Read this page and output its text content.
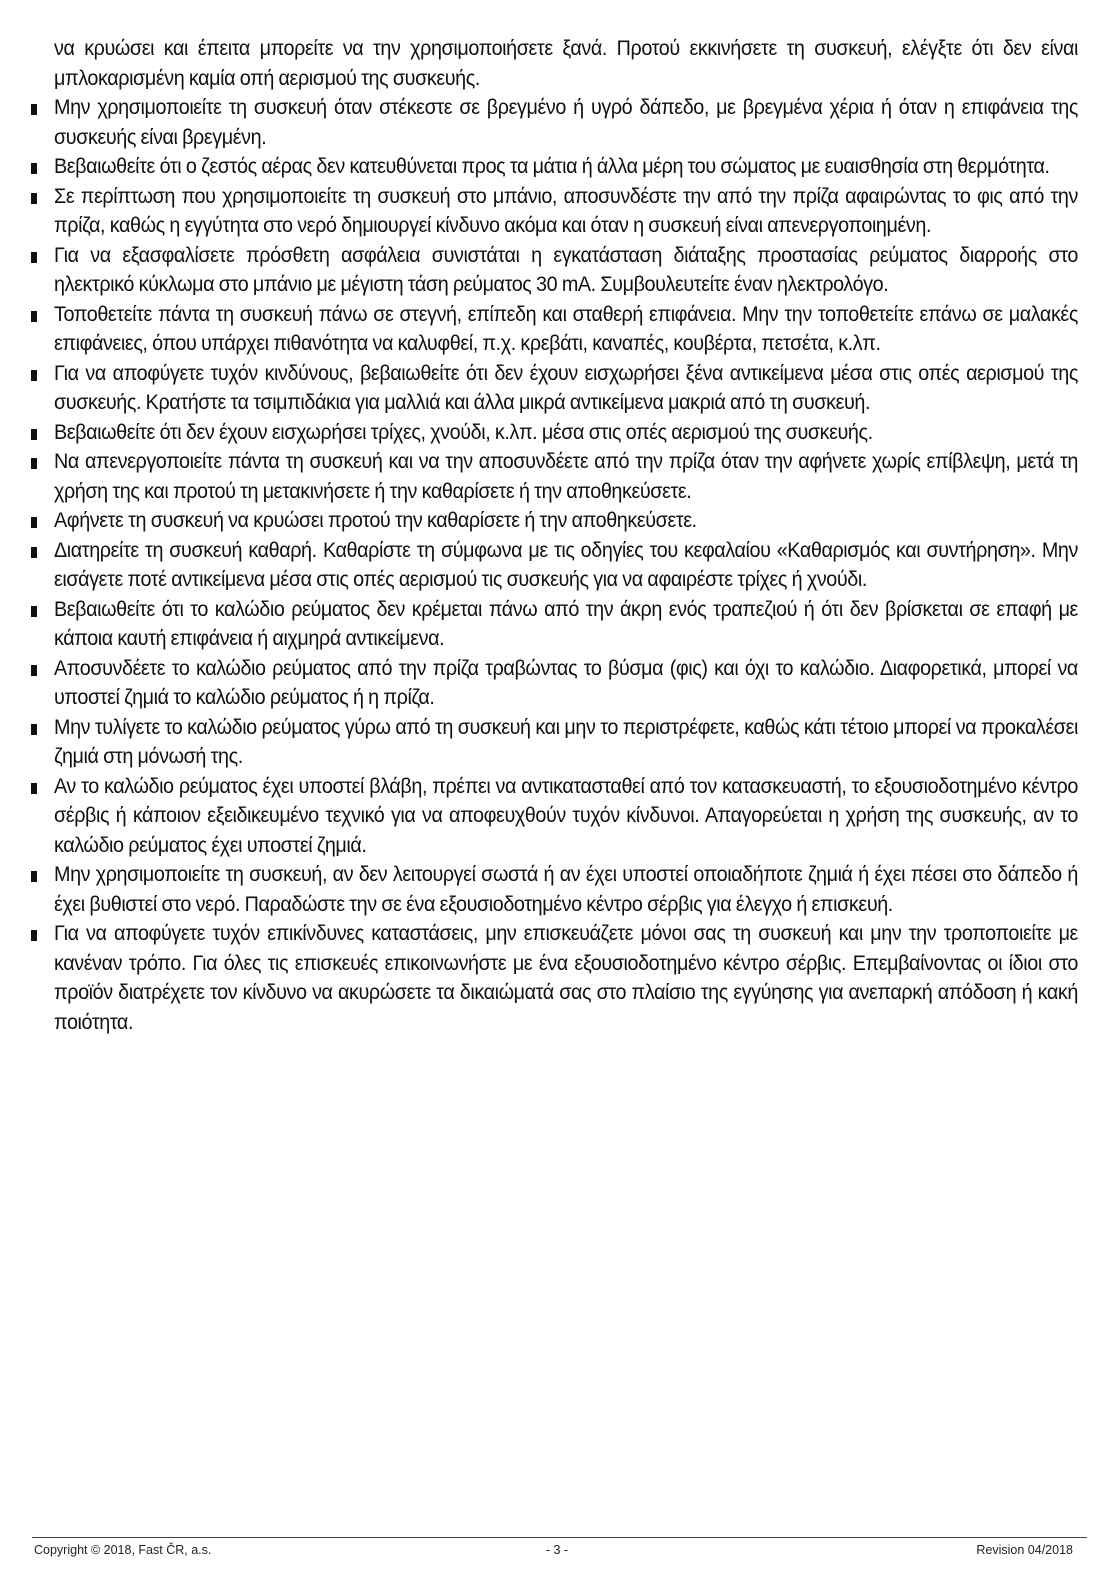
να κρυώσει και έπειτα μπορείτε να την χρησιμοποιήσετε ξανά. Προτού εκκινήσετε τη συσκευή, ελέγξτε ότι δεν είναι μπλοκαρισμένη καμία οπή αερισμού της συσκευής.

Μην χρησιμοποιείτε τη συσκευή όταν στέκεστε σε βρεγμένο ή υγρό δάπεδο, με βρεγμένα χέρια ή όταν η επιφάνεια της συσκευής είναι βρεγμένη.

Βεβαιωθείτε ότι ο ζεστός αέρας δεν κατευθύνεται προς τα μάτια ή άλλα μέρη του σώματος με ευαισθησία στη θερμότητα.

Σε περίπτωση που χρησιμοποιείτε τη συσκευή στο μπάνιο, αποσυνδέστε την από την πρίζα αφαιρώντας το φις από την πρίζα, καθώς η εγγύτητα στο νερό δημιουργεί κίνδυνο ακόμα και όταν η συσκευή είναι απενεργοποιημένη.

Για να εξασφαλίσετε πρόσθετη ασφάλεια συνιστάται η εγκατάσταση διάταξης προστασίας ρεύματος διαρροής στο ηλεκτρικό κύκλωμα στο μπάνιο με μέγιστη τάση ρεύματος 30 mA. Συμβουλευτείτε έναν ηλεκτρολόγο.

Τοποθετείτε πάντα τη συσκευή πάνω σε στεγνή, επίπεδη και σταθερή επιφάνεια. Μην την τοποθετείτε επάνω σε μαλακές επιφάνειες, όπου υπάρχει πιθανότητα να καλυφθεί, π.χ. κρεβάτι, καναπές, κουβέρτα, πετσέτα, κ.λπ.

Για να αποφύγετε τυχόν κινδύνους, βεβαιωθείτε ότι δεν έχουν εισχωρήσει ξένα αντικείμενα μέσα στις οπές αερισμού της συσκευής. Κρατήστε τα τσιμπιδάκια για μαλλιά και άλλα μικρά αντικείμενα μακριά από τη συσκευή.

Βεβαιωθείτε ότι δεν έχουν εισχωρήσει τρίχες, χνούδι, κ.λπ. μέσα στις οπές αερισμού της συσκευής.

Να απενεργοποιείτε πάντα τη συσκευή και να την αποσυνδέετε από την πρίζα όταν την αφήνετε χωρίς επίβλεψη, μετά τη χρήση της και προτού τη μετακινήσετε ή την καθαρίσετε ή την αποθηκεύσετε.

Αφήνετε τη συσκευή να κρυώσει προτού την καθαρίσετε ή την αποθηκεύσετε.

Διατηρείτε τη συσκευή καθαρή. Καθαρίστε τη σύμφωνα με τις οδηγίες του κεφαλαίου «Καθαρισμός και συντήρηση». Μην εισάγετε ποτέ αντικείμενα μέσα στις οπές αερισμού τις συσκευής για να αφαιρέστε τρίχες ή χνούδι.

Βεβαιωθείτε ότι το καλώδιο ρεύματος δεν κρέμεται πάνω από την άκρη ενός τραπεζιού ή ότι δεν βρίσκεται σε επαφή με κάποια καυτή επιφάνεια ή αιχμηρά αντικείμενα.

Αποσυνδέετε το καλώδιο ρεύματος από την πρίζα τραβώντας το βύσμα (φις) και όχι το καλώδιο. Διαφορετικά, μπορεί να υποστεί ζημιά το καλώδιο ρεύματος ή η πρίζα.

Μην τυλίγετε το καλώδιο ρεύματος γύρω από τη συσκευή και μην το περιστρέφετε, καθώς κάτι τέτοιο μπορεί να προκαλέσει ζημιά στη μόνωσή της.

Αν το καλώδιο ρεύματος έχει υποστεί βλάβη, πρέπει να αντικατασταθεί από τον κατασκευαστή, το εξουσιοδοτημένο κέντρο σέρβις ή κάποιον εξειδικευμένο τεχνικό για να αποφευχθούν τυχόν κίνδυνοι. Απαγορεύεται η χρήση της συσκευής, αν το καλώδιο ρεύματος έχει υποστεί ζημιά.

Μην χρησιμοποιείτε τη συσκευή, αν δεν λειτουργεί σωστά ή αν έχει υποστεί οποιαδήποτε ζημιά ή έχει πέσει στο δάπεδο ή έχει βυθιστεί στο νερό. Παραδώστε την σε ένα εξουσιοδοτημένο κέντρο σέρβις για έλεγχο ή επισκευή.

Για να αποφύγετε τυχόν επικίνδυνες καταστάσεις, μην επισκευάζετε μόνοι σας τη συσκευή και μην την τροποποιείτε με κανέναν τρόπο. Για όλες τις επισκευές επικοινωνήστε με ένα εξουσιοδοτημένο κέντρο σέρβις. Επεμβαίνοντας οι ίδιοι στο προϊόν διατρέχετε τον κίνδυνο να ακυρώσετε τα δικαιώματά σας στο πλαίσιο της εγγύησης για ανεπαρκή απόδοση ή κακή ποιότητα.

Copyright © 2018, Fast ČR, a.s.	- 3 -	Revision 04/2018
